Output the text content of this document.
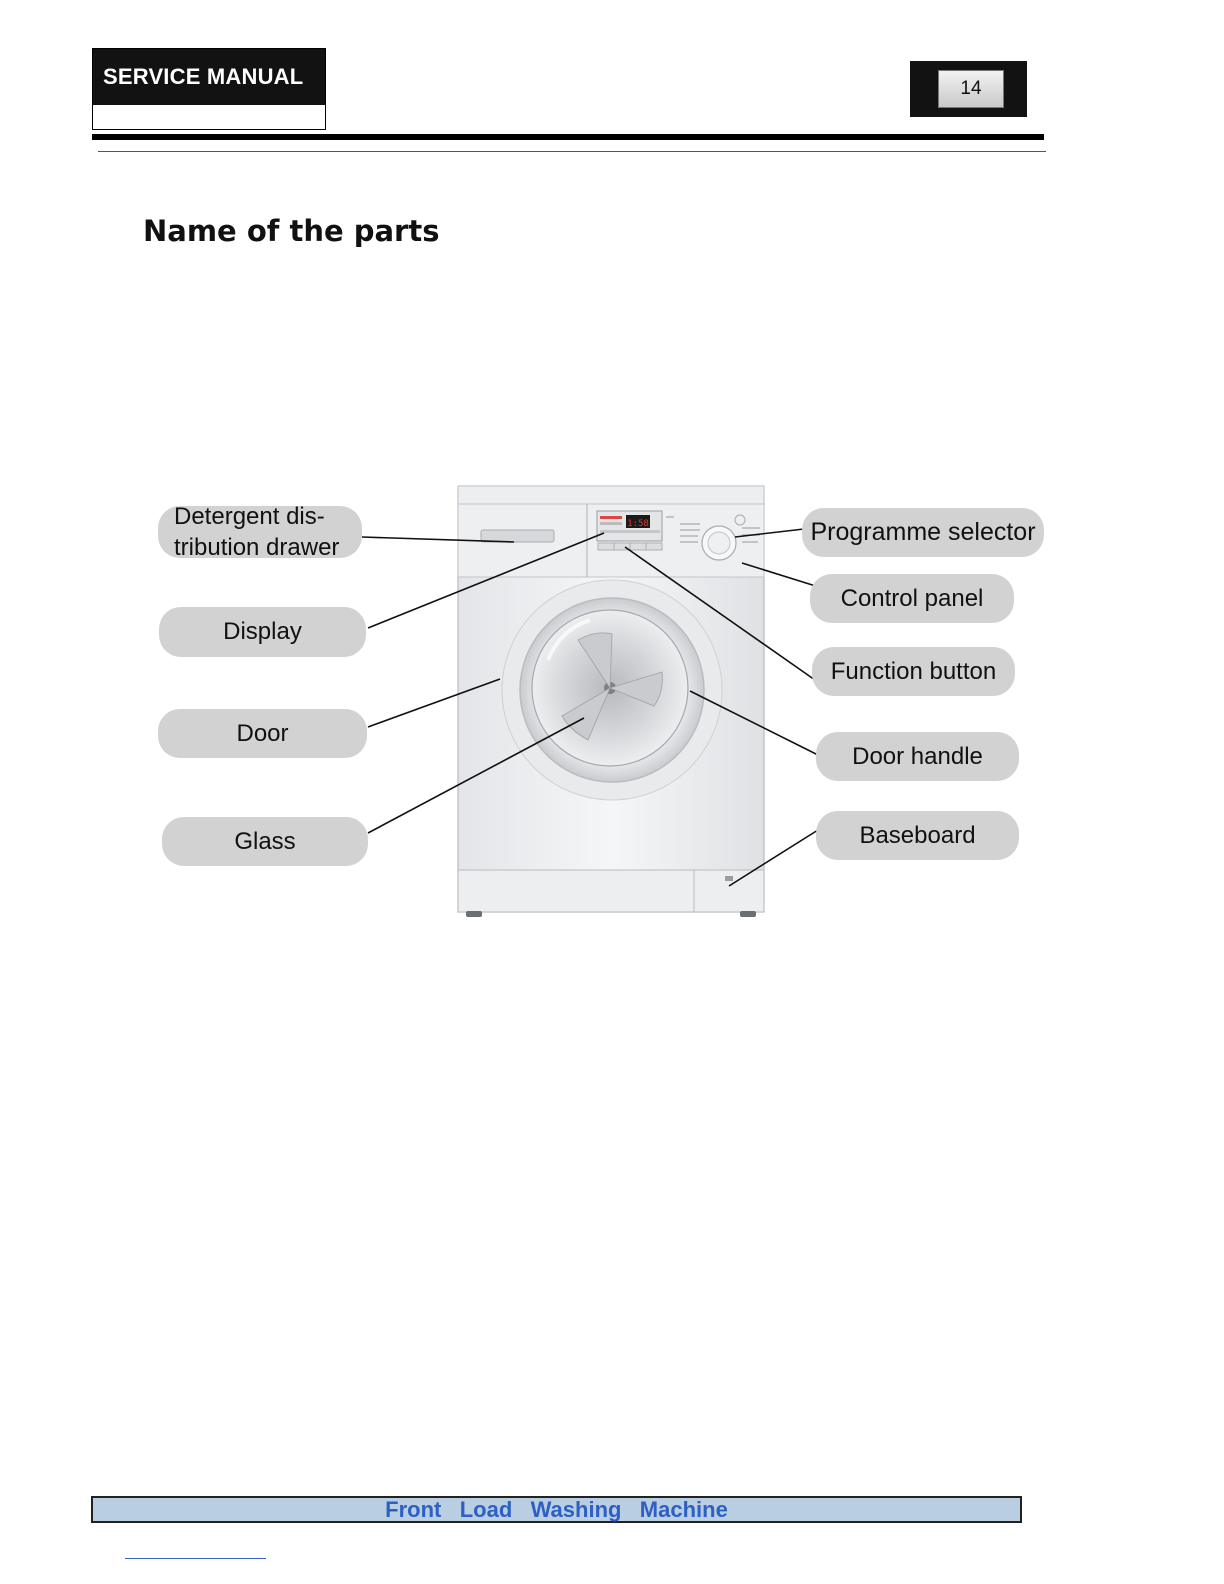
SERVICE MANUAL	14
Name of the parts
1:58
Detergent dis-
tribution drawer
Display
Door
Glass
Programme selector
Control panel
Function button
Door handle
Baseboard
Front   Load   Washing   Machine
